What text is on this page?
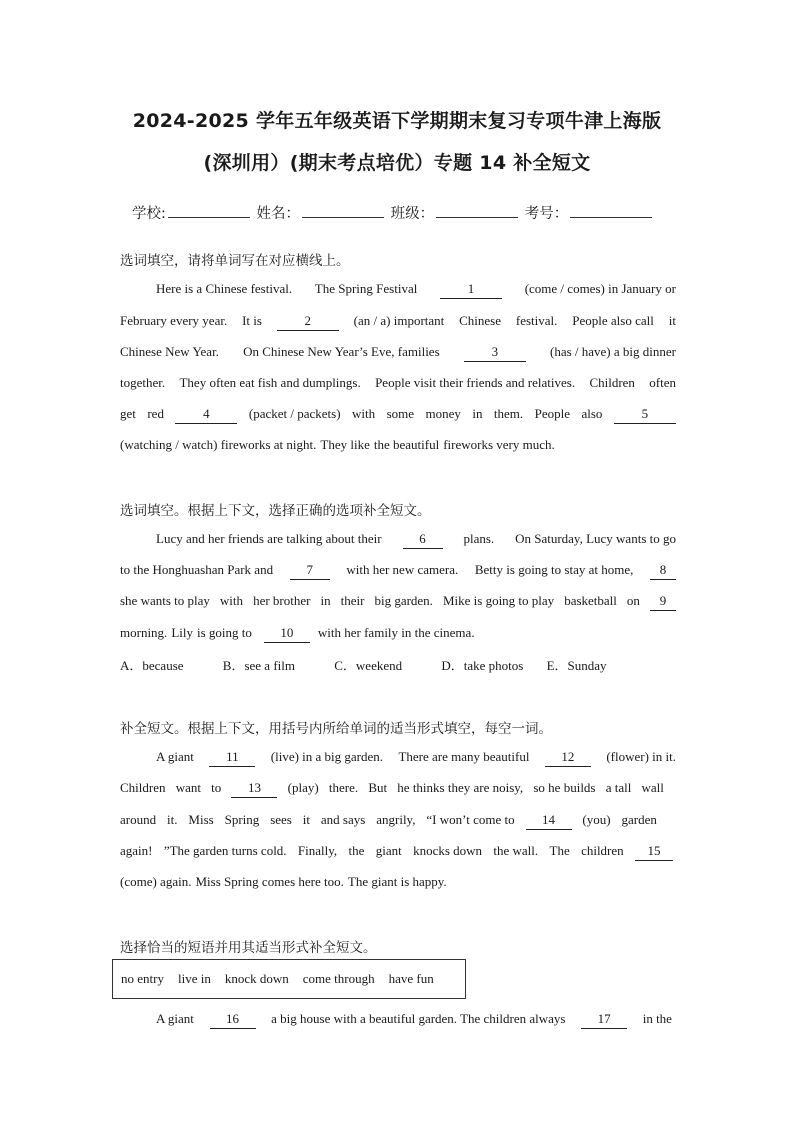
2024-2025 学年五年级英语下学期期末复习专项牛津上海版
(深圳用）(期末考点培优）专题 14 补全短文
学校:	姓名：	班级：	考号：
选词填空，请将单词写在对应横线上。
Here is a Chinese festival. The Spring Festival	1	(come / comes) in January or
February every year. It is	2	(an / a) important Chinese festival. People also call it
Chinese New Year. On Chinese New Year’s Eve, families	3	(has / have) a big dinner
together. They often eat fish and dumplings. People visit their friends and relatives. Children often
get red	4	(packet / packets) with some money in them. People also	5
(watching / watch) fireworks at night. They like the beautiful fireworks very much.
选词填空。根据上下文，选择正确的选项补全短文。
Lucy and her friends are talking about their	6	plans. On Saturday, Lucy wants to go
to the Honghuashan Park and	7	with her new camera. Betty is going to stay at home,	8
she wants to play with her brother in their big garden. Mike is going to play basketball on	9
morning. Lily is going to	10	with her family in the cinema.
A．because	B．see a film	C．weekend	D．take photos E．Sunday
补全短文。根据上下文，用括号内所给单词的适当形式填空，每空一词。
A giant	11	(live) in a big garden. There are many beautiful	12	(flower) in it.
Children want to	13	(play) there. But he thinks they are noisy, so he builds a tall wall
around it. Miss Spring sees it and says angrily, “I won’t come to	14	(you) garden
again! ”The garden turns cold. Finally, the giant knocks down the wall. The children	15
(come) again. Miss Spring comes here too. The giant is happy.
选择恰当的短语并用其适当形式补全短文。
no entry live in knock down come through have fun
A giant	16	a big house with a beautiful garden. The children always	17	in the
